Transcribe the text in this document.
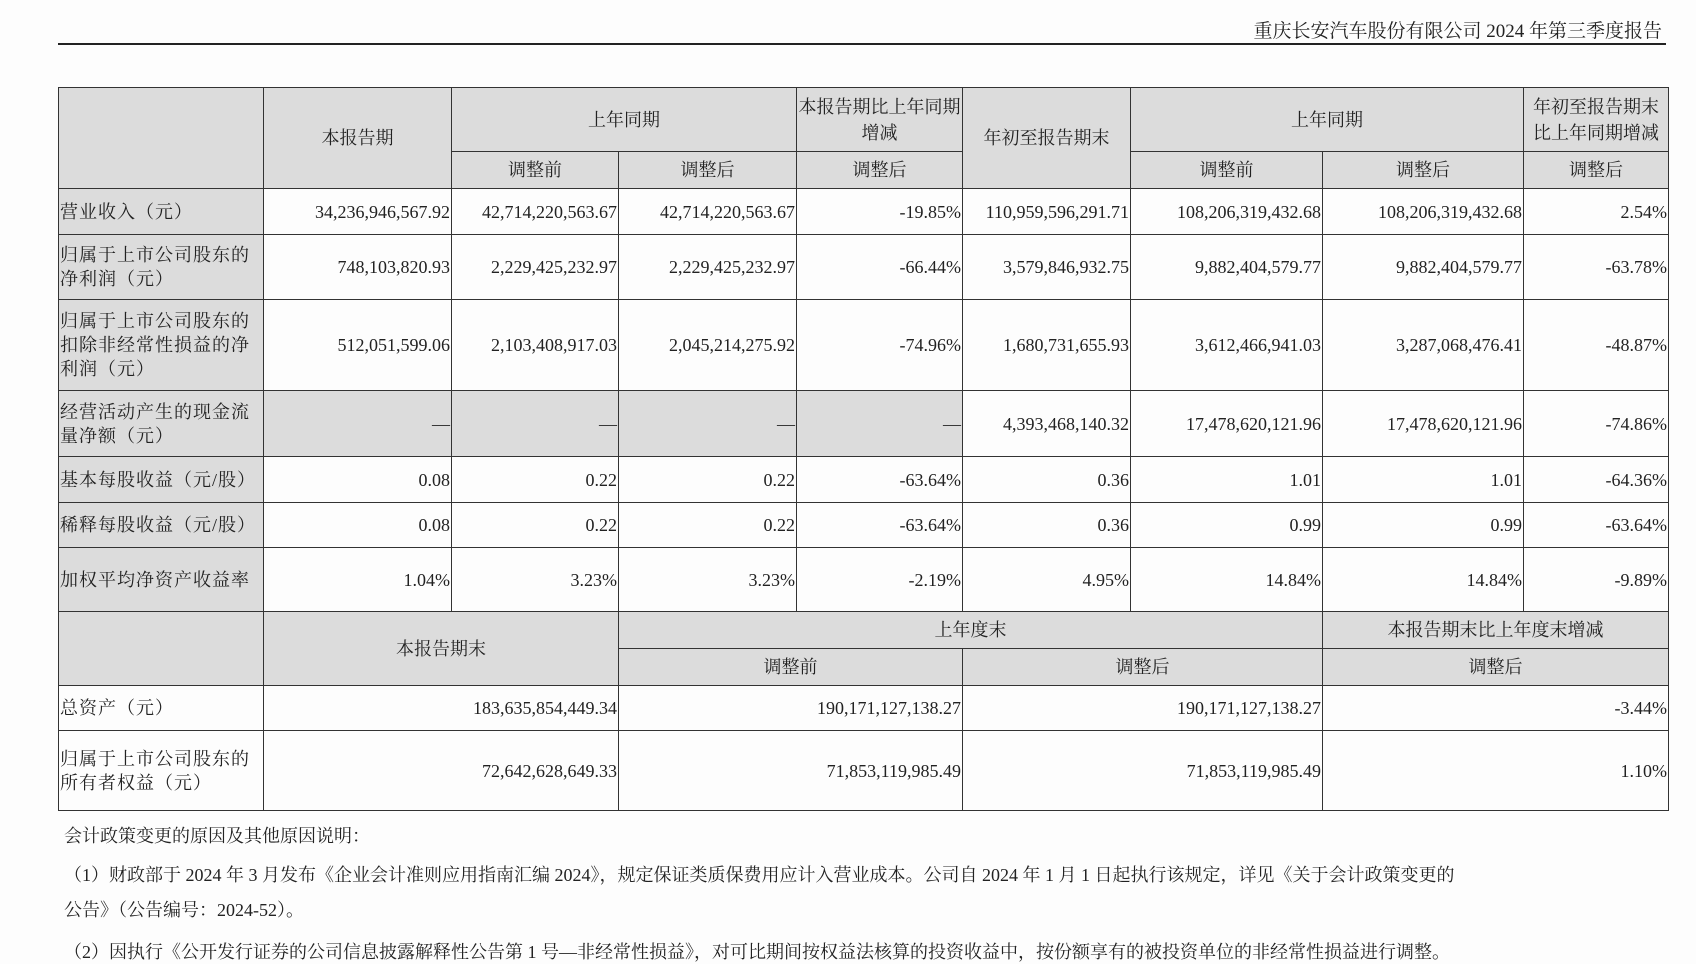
重庆长安汽车股份有限公司 2024 年第三季度报告
	本报告期	上年同期		本报告期比上年同期增减	年初至报告期末	上年同期		年初至报告期末比上年同期增减
		调整前	调整后	调整后		调整前	调整后	调整后
营业收入（元）	34,236,946,567.92	42,714,220,563.67	42,714,220,563.67	-19.85%	110,959,596,291.71	108,206,319,432.68	108,206,319,432.68	2.54%
归属于上市公司股东的净利润（元）	748,103,820.93	2,229,425,232.97	2,229,425,232.97	-66.44%	3,579,846,932.75	9,882,404,579.77	9,882,404,579.77	-63.78%
归属于上市公司股东的扣除非经常性损益的净利润（元）	512,051,599.06	2,103,408,917.03	2,045,214,275.92	-74.96%	1,680,731,655.93	3,612,466,941.03	3,287,068,476.41	-48.87%
经营活动产生的现金流量净额（元）	—	—	—	—	4,393,468,140.32	17,478,620,121.96	17,478,620,121.96	-74.86%
基本每股收益（元/股）	0.08	0.22	0.22	-63.64%	0.36	1.01	1.01	-64.36%
稀释每股收益（元/股）	0.08	0.22	0.22	-63.64%	0.36	0.99	0.99	-63.64%
加权平均净资产收益率	1.04%	3.23%	3.23%	-2.19%	4.95%	14.84%	14.84%	-9.89%
	本报告期末	上年度末		本报告期末比上年度末增减
		调整前	调整后	调整后
总资产（元）	183,635,854,449.34	190,171,127,138.27	190,171,127,138.27	-3.44%
归属于上市公司股东的所有者权益（元）	72,642,628,649.33	71,853,119,985.49	71,853,119,985.49	1.10%
会计政策变更的原因及其他原因说明：
（1）财政部于 2024 年 3 月发布《企业会计准则应用指南汇编 2024》，规定保证类质保费用应计入营业成本。公司自 2024 年 1 月 1 日起执行该规定，详见《关于会计政策变更的
公告》（公告编号：2024-52）。
（2）因执行《公开发行证券的公司信息披露解释性公告第 1 号—非经常性损益》，对可比期间按权益法核算的投资收益中，按份额享有的被投资单位的非经常性损益进行调整。
